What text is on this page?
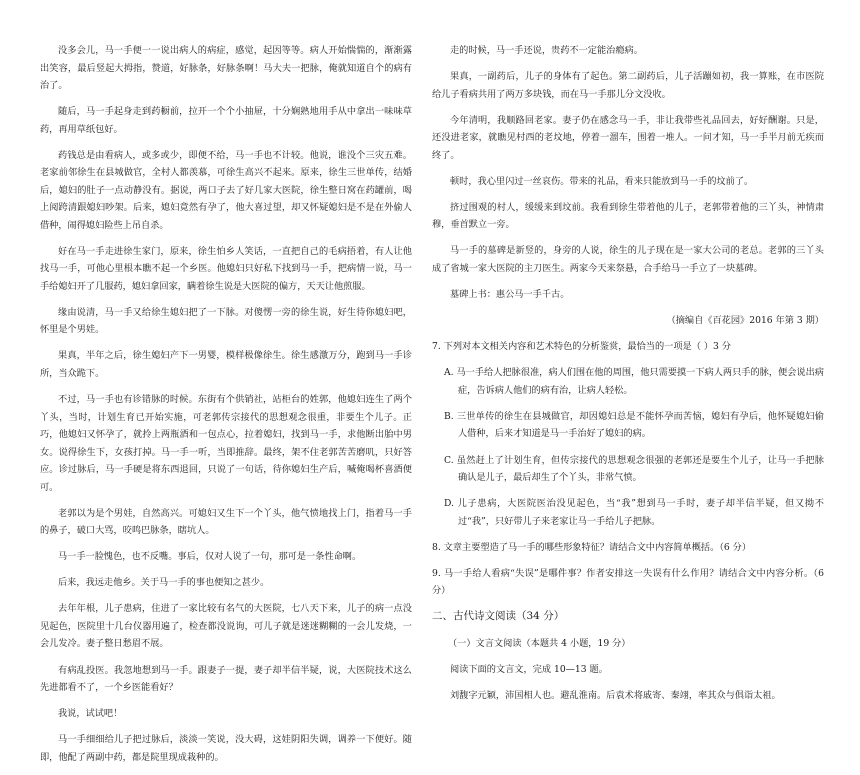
没多会儿，马一手便一一说出病人的病症，感觉，起因等等。病人开始惴惴的，渐渐露出笑容，最后竖起大拇指，赞道，好脉条，好脉条啊！马大夫一把脉，俺就知道自个的病有治了。

随后，马一手起身走到药橱前，拉开一个个小抽屉，十分娴熟地用手从中拿出一味味草药，再用草纸包好。

药钱总是由看病人，或多或少，即便不给，马一手也不计较。他说，谁没个三灾五难。老家前邻徐生在县城做官，全村人都羡慕，可徐生高兴不起来。原来，徐生三世单传，结婚后，媳妇的肚子一点动静没有。据说，两口子去了好几家大医院，徐生整日窝在药罐前，喝上阅跨清跟媳妇吵架。后来，媳妇竟然有孕了，他大喜过望，却又怀疑媳妇是不是在外偷人借种，闹得媳妇险些上吊自杀。

好在马一手走进徐生家门，原来，徐生怕乡人笑话，一直把自己的毛病捂着，有人让他找马一手，可他心里根本瞧不起一个乡医。他媳妇只好私下找到马一手，把病情一说，马一手给媳妇开了几服药，媳妇拿回家，瞒着徐生说是大医院的偏方，天天让他煎服。

缘由说清，马一手又给徐生媳妇把了一下脉。对傻愣一旁的徐生说，好生待你媳妇吧，怀里是个男娃。

果真，半年之后，徐生媳妇产下一男婴，模样极像徐生。徐生感激万分，跑到马一手诊所，当众跪下。

不过，马一手也有诊错脉的时候。东街有个供销社，站柜台的姓郭，他媳妇连生了两个丫头，当时，计划生育已开始实施，可老郭传宗接代的思想观念很重，非要生个儿子。正巧，他媳妇又怀孕了，就拎上两瓶酒和一包点心，拉着媳妇，找到马一手，求他断出胎中男女。说得徐生下，女孩打掉。马一手一听，当即推辞。最终，架不住老郭苦苦磨叽，只好答应。诊过脉后，马一手硬是将东西退回，只说了一句话，待你媳妇生产后，喊俺喝杯喜酒便可。

老郭以为是个男娃，自然高兴。可媳妇又生下一个丫头，他气愤地找上门，指着马一手的鼻子，破口大骂，咬鸣巴脉条，瞎坑人。

马一手一脸愧色，也不反嘴。事后，仅对人说了一句，那可是一条性命啊。

后来，我远走他乡。关于马一手的事也便知之甚少。

去年年根，儿子患病，住进了一家比较有名气的大医院，七八天下来，儿子的病一点没见起色，医院里十几台仪器用遍了，检查都没说询，可儿子就是迷迷糊糊的一会儿发烧，一会儿发冷。妻子整日愁眉不展。

有病乱投医。我忽地想到马一手。跟妻子一提，妻子却半信半疑，说，大医院技术这么先进都看不了，一个乡医能看好？

我说，试试吧！

马一手细细给儿子把过脉后，淡淡一笑说，没大碍，这娃阴阳失调，调养一下便好。随即，他配了两副中药，都是院里现成栽种的。

走的时候，马一手还说，贵药不一定能治瘾病。

果真，一副药后，儿子的身体有了起色。第二副药后，儿子活蹦如初，我一算账，在市医院给儿子看病共用了两万多块钱，而在马一手那儿分文没收。

今年清明，我顺路回老家。妻子仍在感念马一手，非让我带些礼品回去，好好酬谢。只是，还没进老家，就瞧见村西的老坟地，停着一溜车，围着一堆人。一问才知，马一手半月前无疾而终了。

顿时，我心里闪过一丝哀伤。带来的礼品，看来只能放到马一手的坟前了。

挤过围观的村人，缓缓来到坟前。我看到徐生带着他的儿子，老郭带着他的三丫头，神情肃穆，垂首默立一旁。

马一手的墓碑是新竖的，身旁的人说，徐生的儿子现在是一家大公司的老总。老郭的三丫头成了省城一家大医院的主刀医生。两家今天来祭悬，合手给马一手立了一块墓碑。

墓碑上书：惠公马一手千古。

（摘编自《百花园》2016 年第 3 期）

7. 下列对本文相关内容和艺术特色的分析鉴赏，最恰当的一项是（ ）3 分

A. 马一手给人把脉很准，病人们围在他的周围，他只需要摸一下病人两只手的脉，便会说出病症，告诉病人他们的病有治，让病人轻松。

B. 三世单传的徐生在县城做官，却因媳妇总是不能怀孕而苦恼，媳妇有孕后，他怀疑媳妇偷人借种，后来才知道是马一手治好了媳妇的病。

C. 虽然赶上了计划生育，但传宗接代的思想观念很强的老郭还是要生个儿子，让马一手把脉确认是儿子，最后却生了个丫头，非常气愤。

D. 儿子患病，大医院医治没见起色，当“我”想到马一手时，妻子却半信半疑，但又拗不过“我”，只好带儿子来老家让马一手给儿子把脉。

8. 文章主要塑造了马一手的哪些形象特征？请结合文中内容简单概括。（6 分）

9. 马一手给人看病“失误”是哪件事？作者安排这一失误有什么作用？请结合文中内容分析。（6 分）

二、古代诗文阅读（34 分）

（一）文言文阅读（本题共 4 小题，19 分）

阅读下面的文言文，完成 10—13 题。

刘馥字元颖，沛国相人也。避乱淮南。后袁术将戚寄、秦翊，率其众与俱诣太祖。
